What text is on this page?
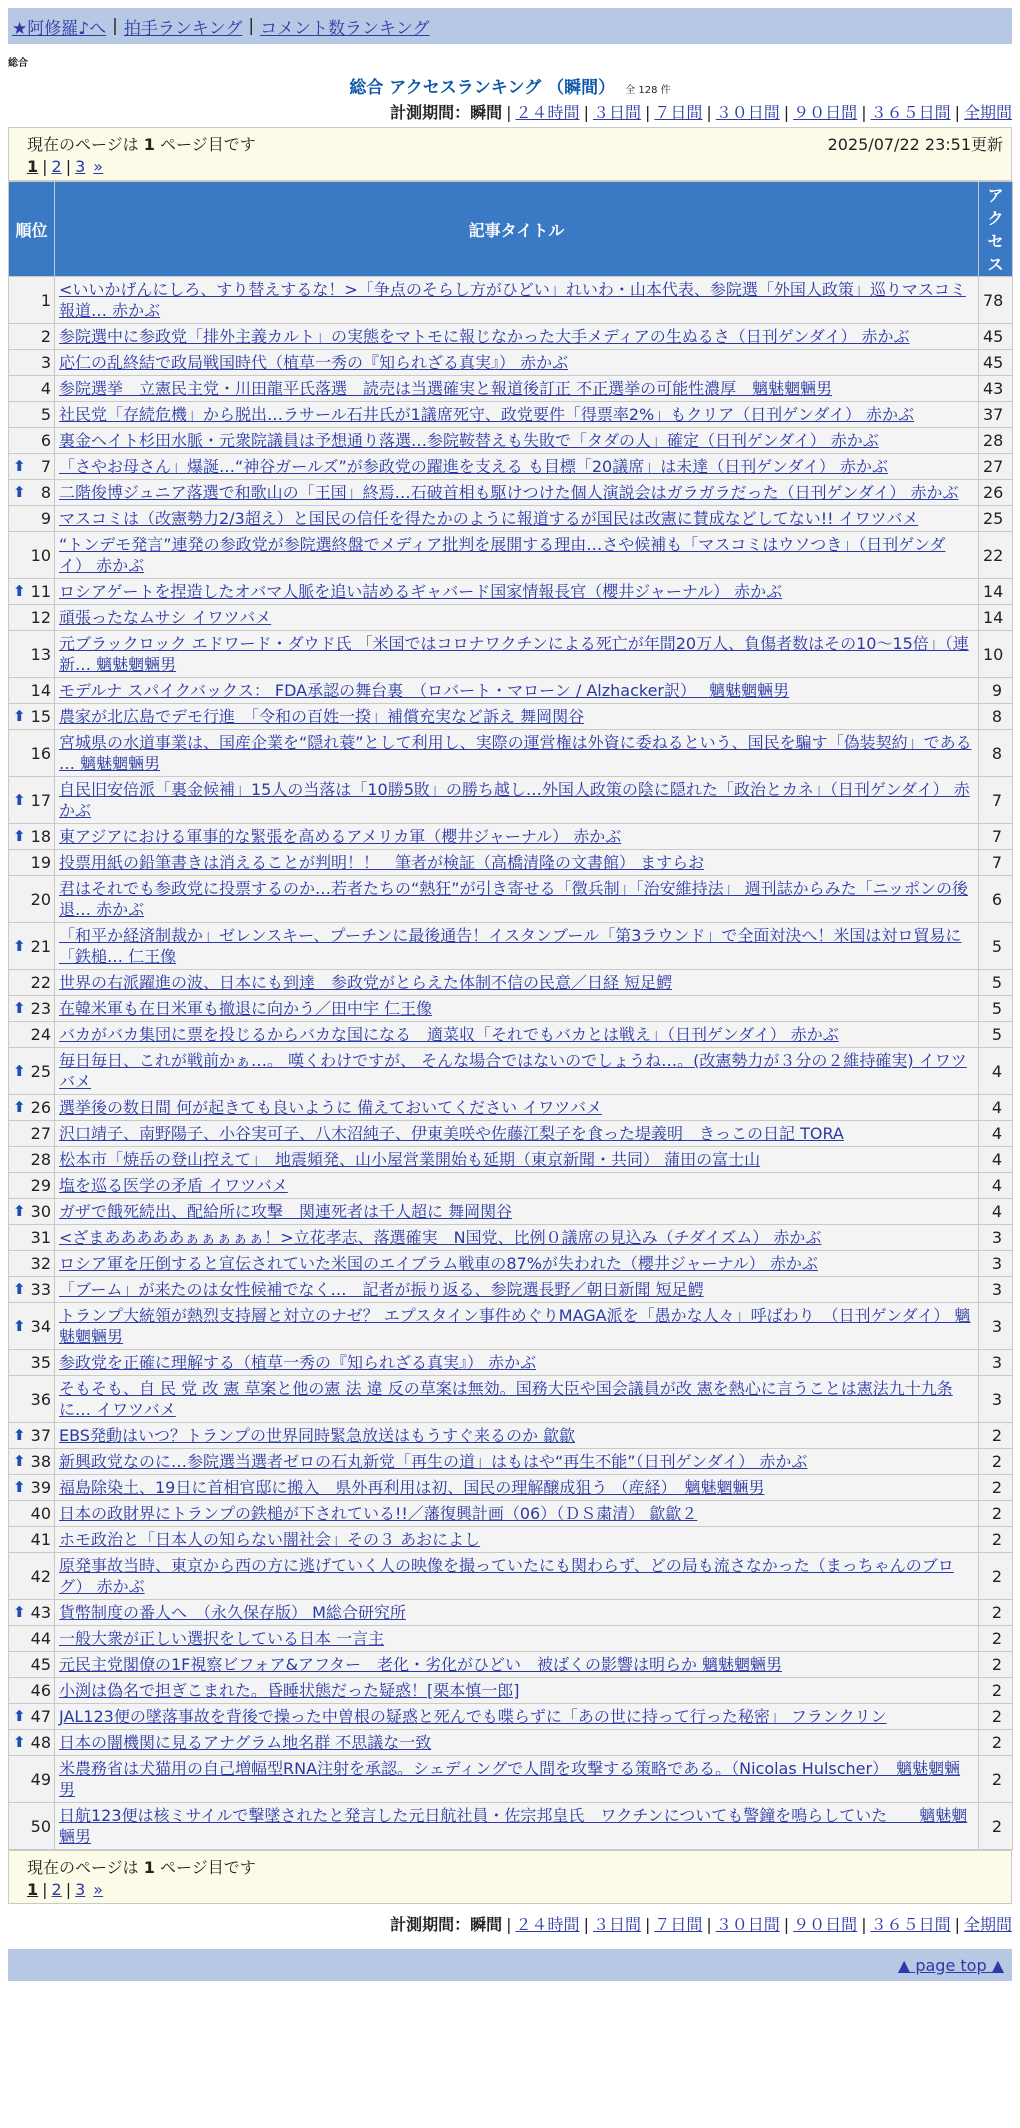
★阿修羅♪へ | 拍手ランキング | コメント数ランキング
総合
総合 アクセスランキング （瞬間） 全 128 件
計測期間：瞬間 | ２４時間 | ３日間 | ７日間 | ３０日間 | ９０日間 | ３６５日間 | 全期間
現在のページは 1 ページ目です	2025/07/22 23:51更新
1 | 2 | 3 »
順位	記事タイトル	アクセス
1	<いいかげんにしろ、すり替えするな！>「争点のそらし方がひどい」れいわ・山本代表、参院選「外国人政策」巡りマスコミ報道… 赤かぶ	78
2	参院選中に参政党「排外主義カルト」の実態をマトモに報じなかった大手メディアの生ぬるさ（日刊ゲンダイ） 赤かぶ	45
3	応仁の乱終結で政局戦国時代（植草一秀の『知られざる真実』） 赤かぶ	45
4	参院選挙　立憲民主党・川田龍平氏落選　読売は当選確実と報道後訂正 不正選挙の可能性濃厚　魑魅魍魎男	43
5	社民党「存続危機」から脱出…ラサール石井氏が1議席死守、政党要件「得票率2%」もクリア（日刊ゲンダイ） 赤かぶ	37
6	裏金ヘイト杉田水脈・元衆院議員は予想通り落選…参院鞍替えも失敗で「タダの人」確定（日刊ゲンダイ） 赤かぶ	28

⬆ 7	「さやお母さん」爆誕…“神谷ガールズ”が参政党の躍進を支える も目標「20議席」は未達（日刊ゲンダイ） 赤かぶ	27

⬆ 8	二階俊博ジュニア落選で和歌山の「王国」終焉…石破首相も駆けつけた個人演説会はガラガラだった（日刊ゲンダイ） 赤かぶ	26
9	マスコミは（改憲勢力2/3超え）と国民の信任を得たかのように報道するが国民は改憲に賛成などしてない!! イワツバメ	25
10	“トンデモ発言”連発の参政党が参院選終盤でメディア批判を展開する理由…さや候補も「マスコミはウソつき」（日刊ゲンダイ） 赤かぶ	22

⬆ 11	ロシアゲートを捏造したオバマ人脈を追い詰めるギャバード国家情報長官（櫻井ジャーナル） 赤かぶ	14
12	頑張ったなムサシ イワツバメ	14
13	元ブラックロック エドワード・ダウド氏 「米国ではコロナワクチンによる死亡が年間20万人、負傷者数はその10～15倍」（連新… 魑魅魍魎男	10
14	モデルナ スパイクバックス： FDA承認の舞台裏　（ロバート・マローン / Alzhacker訳）　 魑魅魍魎男	9

⬆ 15	農家が北広島でデモ行進　「令和の百姓一揆」補償充実など訴え 舞岡関谷	8
16	宮城県の水道事業は、国産企業を“隠れ蓑”として利用し、実際の運営権は外資に委ねるという、国民を騙す「偽装契約」である … 魑魅魍魎男	8

⬆ 17	自民旧安倍派「裏金候補」15人の当落は「10勝5敗」の勝ち越し…外国人政策の陰に隠れた「政治とカネ」（日刊ゲンダイ） 赤かぶ	7

⬆ 18	東アジアにおける軍事的な緊張を高めるアメリカ軍（櫻井ジャーナル） 赤かぶ	7
19	投票用紙の鉛筆書きは消えることが判明！！　筆者が検証（高橋清隆の文書館） ますらお	7
20	君はそれでも参政党に投票するのか…若者たちの“熱狂”が引き寄せる「徴兵制」「治安維持法」 週刊誌からみた「ニッポンの後退… 赤かぶ	6

⬆ 21	「和平か経済制裁か」ゼレンスキー、プーチンに最後通告！イスタンブール「第3ラウンド」で全面対決へ！米国は対ロ貿易に「鉄槌… 仁王像	5
22	世界の右派躍進の波、日本にも到達　参政党がとらえた体制不信の民意／日経 短足鰐	5

⬆ 23	在韓米軍も在日米軍も撤退に向かう／田中宇 仁王像	5
24	バカがバカ集団に票を投じるからバカな国になる　適菜収「それでもバカとは戦え」（日刊ゲンダイ） 赤かぶ	5

⬆ 25	毎日毎日、これが戦前かぁ…。 嘆くわけですが、 そんな場合ではないのでしょうね…。(改憲勢力が３分の２維持確実) イワツバメ	4

⬆ 26	選挙後の数日間 何が起きても良いように 備えておいてください イワツバメ	4
27	沢口靖子、南野陽子、小谷実可子、八木沼純子、伊東美咲や佐藤江梨子を食った堤義明　きっこの日記 TORA	4
28	松本市「焼岳の登山控えて」　地震頻発、山小屋営業開始も延期（東京新聞・共同） 蒲田の富士山	4
29	塩を巡る医学の矛盾 イワツバメ	4

⬆ 30	ガザで餓死続出、配給所に攻撃　関連死者は千人超に 舞岡関谷	4
31	<ざまあああああぁぁぁぁぁ！>立花孝志、落選確実　N国党、比例０議席の見込み（チダイズム） 赤かぶ	3
32	ロシア軍を圧倒すると宣伝されていた米国のエイブラム戦車の87%が失われた（櫻井ジャーナル） 赤かぶ	3

⬆ 33	「ブーム」が来たのは女性候補でなく…　記者が振り返る、参院選長野／朝日新聞 短足鰐	3

⬆ 34	トランプ大統領が熱烈支持層と対立のナゼ？ エプスタイン事件めぐりMAGA派を「愚かな人々」呼ばわり　（日刊ゲンダイ） 魑魅魍魎男	3
35	参政党を正確に理解する（植草一秀の『知られざる真実』） 赤かぶ	3
36	そもそも、自 民 党 改 憲 草案と他の憲 法 違 反の草案は無効。国務大臣や国会議員が改 憲を熱心に言うことは憲法九十九条に… イワツバメ	3

⬆ 37	EBS発動はいつ？トランプの世界同時緊急放送はもうすぐ来るのか 歙歙	2

⬆ 38	新興政党なのに…参院選当選者ゼロの石丸新党「再生の道」はもはや“再生不能”（日刊ゲンダイ） 赤かぶ	2

⬆ 39	福島除染土、19日に首相官邸に搬入　県外再利用は初、国民の理解醸成狙う （産経）　魑魅魍魎男	2
40	日本の政財界にトランプの鉄槌が下されている!!／藩復興計画（06）（ＤＳ粛清） 歙歙２	2
41	ホモ政治と「日本人の知らない闇社会」その３ あおによし	2
42	原発事故当時、東京から西の方に逃げていく人の映像を撮っていたにも関わらず、どの局も流さなかった（まっちゃんのブログ） 赤かぶ	2

⬆ 43	貨幣制度の番人へ　（永久保存版） M総合研究所	2
44	一般大衆が正しい選択をしている日本 一言主	2
45	元民主党閣僚の1F視察ビフォア&アフター　老化・劣化がひどい　被ばくの影響は明らか 魑魅魍魎男	2
46	小渕は偽名で担ぎこまれた。昏睡状態だった疑惑！[栗本慎一郎]	2

⬆ 47	JAL123便の墜落事故を背後で操った中曽根の疑惑と死んでも喋らずに「あの世に持って行った秘密」 フランクリン	2

⬆ 48	日本の闇機関に見るアナグラム地名群 不思議な一致	2
49	米農務省は犬猫用の自己増幅型RNA注射を承認。シェディングで人間を攻撃する策略である。（Nicolas Hulscher）　魑魅魍魎男	2
50	日航123便は核ミサイルで撃墜されたと発言した元日航社員・佐宗邦皇氏　ワクチンについても警鐘を鳴らしていた　　魑魅魍魎男	2
現在のページは 1 ページ目です
1 | 2 | 3 »
計測期間：瞬間 | ２４時間 | ３日間 | ７日間 | ３０日間 | ９０日間 | ３６５日間 | 全期間
▲ page top ▲
